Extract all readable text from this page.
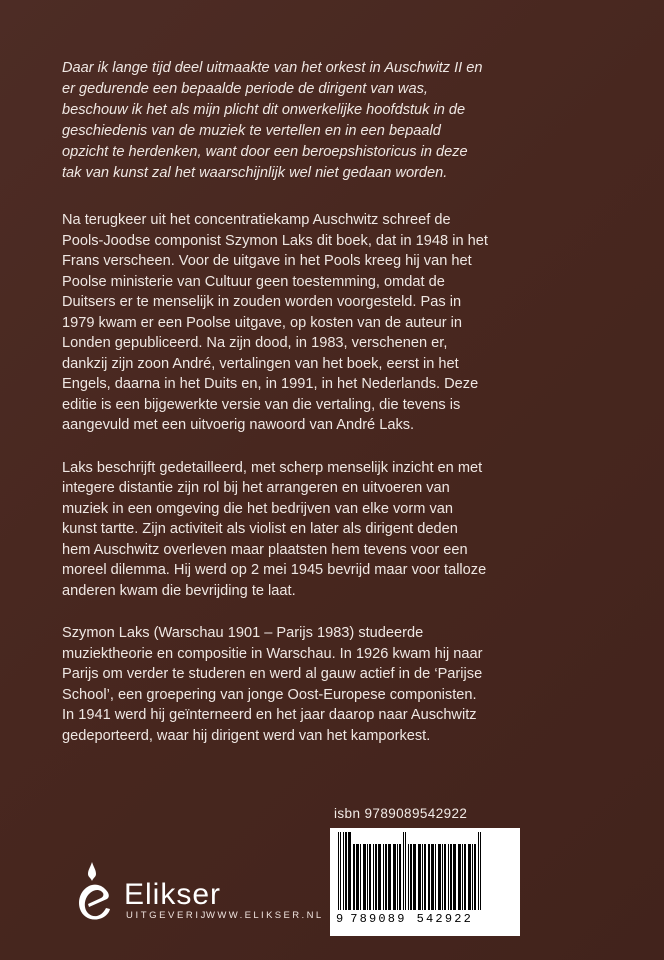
Daar ik lange tijd deel uitmaakte van het orkest in Auschwitz II en er gedurende een bepaalde periode de dirigent van was, beschouw ik het als mijn plicht dit onwerkelijke hoofdstuk in de geschiedenis van de muziek te vertellen en in een bepaald opzicht te herdenken, want door een beroepshistoricus in deze tak van kunst zal het waarschijnlijk wel niet gedaan worden.

Na terugkeer uit het concentratiekamp Auschwitz schreef de Pools-Joodse componist Szymon Laks dit boek, dat in 1948 in het Frans verscheen. Voor de uitgave in het Pools kreeg hij van het Poolse ministerie van Cultuur geen toestemming, omdat de Duitsers er te menselijk in zouden worden voorgesteld. Pas in 1979 kwam er een Poolse uitgave, op kosten van de auteur in Londen gepubliceerd. Na zijn dood, in 1983, verschenen er, dankzij zijn zoon André, vertalingen van het boek, eerst in het Engels, daarna in het Duits en, in 1991, in het Nederlands. Deze editie is een bijgewerkte versie van die vertaling, die tevens is aangevuld met een uitvoerig nawoord van André Laks.

Laks beschrijft gedetailleerd, met scherp menselijk inzicht en met integere distantie zijn rol bij het arrangeren en uitvoeren van muziek in een omgeving die het bedrijven van elke vorm van kunst tartte. Zijn activiteit als violist en later als dirigent deden hem Auschwitz overleven maar plaatsten hem tevens voor een moreel dilemma. Hij werd op 2 mei 1945 bevrijd maar voor talloze anderen kwam die bevrijding te laat.

Szymon Laks (Warschau 1901 – Parijs 1983) studeerde muziektheorie en compositie in Warschau. In 1926 kwam hij naar Parijs om verder te studeren en werd al gauw actief in de ‘Parijse School’, een groepering van jonge Oost-Europese componisten. In 1941 werd hij geïnterneerd en het jaar daarop naar Auschwitz gedeporteerd, waar hij dirigent werd van het kamporkest.

isbn 9789089542922
9 789089 542922
Elikser
UITGEVERIJ
WWW.ELIKSER.NL
